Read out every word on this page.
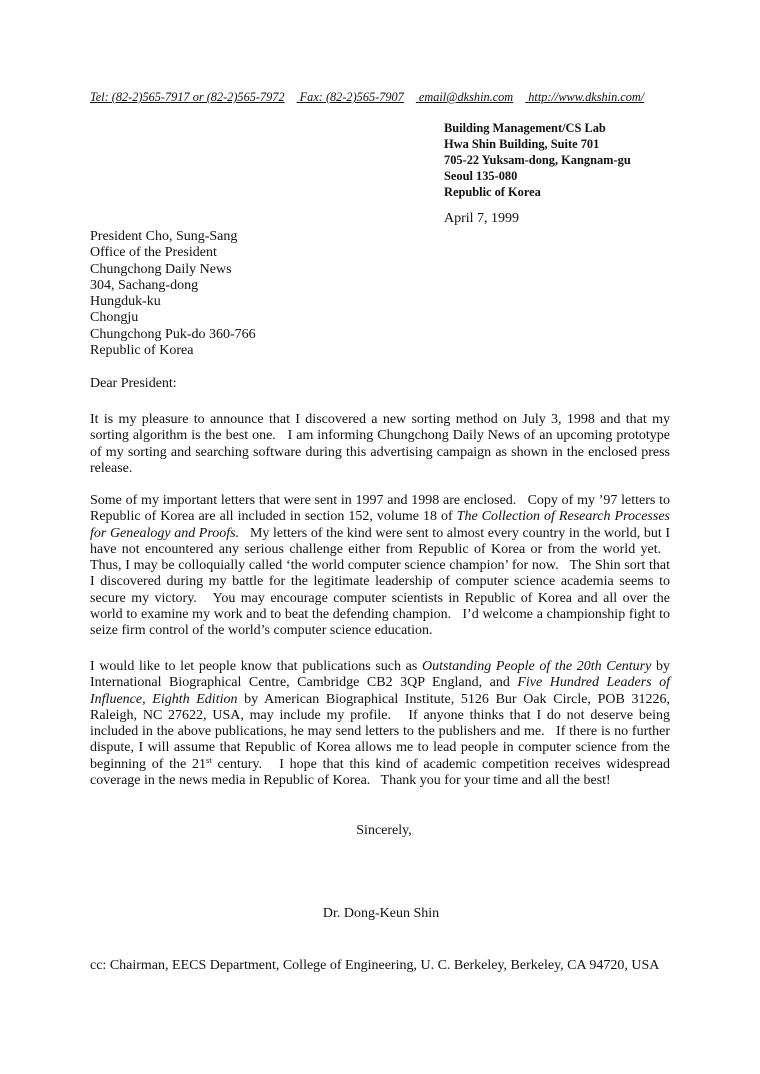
Tel: (82-2)565-7917 or (82-2)565-7972 Fax: (82-2)565-7907 email@dkshin.com http://www.dkshin.com/
Building Management/CS Lab
Hwa Shin Building, Suite 701
705-22 Yuksam-dong, Kangnam-gu
Seoul 135-080
Republic of Korea
April 7, 1999
President Cho, Sung-Sang
Office of the President
Chungchong Daily News
304, Sachang-dong
Hungduk-ku
Chongju
Chungchong Puk-do 360-766
Republic of Korea
Dear President:

It is my pleasure to announce that I discovered a new sorting method on July 3, 1998 and that my sorting algorithm is the best one.   I am informing Chungchong Daily News of an upcoming prototype of my sorting and searching software during this advertising campaign as shown in the enclosed press release.

Some of my important letters that were sent in 1997 and 1998 are enclosed.   Copy of my ’97 letters to Republic of Korea are all included in section 152, volume 18 of The Collection of Research Processes for Genealogy and Proofs.   My letters of the kind were sent to almost every country in the world, but I have not encountered any serious challenge either from Republic of Korea or from the world yet.   Thus, I may be colloquially called ‘the world computer science champion’ for now.   The Shin sort that I discovered during my battle for the legitimate leadership of computer science academia seems to secure my victory.   You may encourage computer scientists in Republic of Korea and all over the world to examine my work and to beat the defending champion.   I’d welcome a championship fight to seize firm control of the world’s computer science education.

I would like to let people know that publications such as Outstanding People of the 20th Century by International Biographical Centre, Cambridge CB2 3QP England, and Five Hundred Leaders of Influence, Eighth Edition by American Biographical Institute, 5126 Bur Oak Circle, POB 31226, Raleigh, NC 27622, USA, may include my profile.   If anyone thinks that I do not deserve being included in the above publications, he may send letters to the publishers and me.   If there is no further dispute, I will assume that Republic of Korea allows me to lead people in computer science from the beginning of the 21st century.   I hope that this kind of academic competition receives widespread coverage in the news media in Republic of Korea.   Thank you for your time and all the best!

Sincerely,
Dr. Dong-Keun Shin
cc: Chairman, EECS Department, College of Engineering, U. C. Berkeley, Berkeley, CA 94720, USA
